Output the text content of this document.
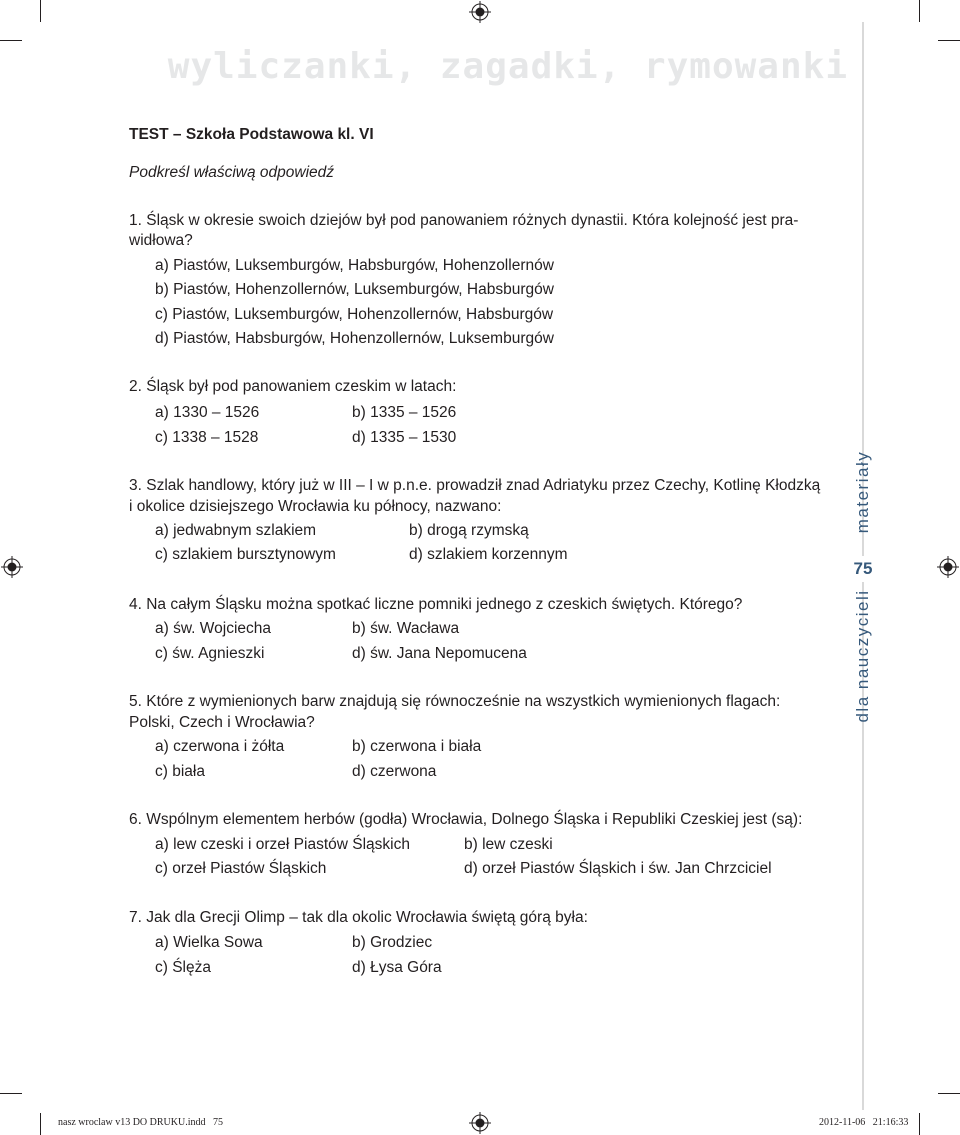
wyliczanki, zagadki, rymowanki
materiały
75
dla nauczycieli
TEST – Szkoła Podstawowa kl. VI
Podkreśl właściwą odpowiedź
1. Śląsk w okresie swoich dziejów był pod panowaniem różnych dynastii. Która kolejność jest pra-
widłowa?
a) Piastów, Luksemburgów, Habsburgów, Hohenzollernów
b) Piastów, Hohenzollernów, Luksemburgów, Habsburgów
c) Piastów, Luksemburgów, Hohenzollernów, Habsburgów
d) Piastów, Habsburgów, Hohenzollernów, Luksemburgów
2. Śląsk był pod panowaniem czeskim w latach:
a) 1330 – 1526	b) 1335 – 1526
c) 1338 – 1528	d) 1335 – 1530
3. Szlak handlowy, który już w III – I w p.n.e. prowadził znad Adriatyku przez Czechy, Kotlinę Kłodzką
i okolice dzisiejszego Wrocławia ku północy, nazwano:
a) jedwabnym szlakiem	b) drogą rzymską
c) szlakiem bursztynowym	d) szlakiem korzennym
4. Na całym Śląsku można spotkać liczne pomniki jednego z czeskich świętych. Którego?
a) św. Wojciecha	b) św. Wacława
c) św. Agnieszki	d) św. Jana Nepomucena
5. Które z wymienionych barw znajdują się równocześnie na wszystkich wymienionych flagach:
Polski, Czech i Wrocławia?
a) czerwona i żółta	b) czerwona i biała
c) biała	d) czerwona
6. Wspólnym elementem herbów (godła) Wrocławia, Dolnego Śląska i Republiki Czeskiej jest (są):
a) lew czeski i orzeł Piastów Śląskich	b) lew czeski
c) orzeł Piastów Śląskich	d) orzeł Piastów Śląskich i św. Jan Chrzciciel
7. Jak dla Grecji Olimp – tak dla okolic Wrocławia świętą górą była:
a) Wielka Sowa	b) Grodziec
c) Ślęża	d) Łysa Góra
nasz wroclaw v13 DO DRUKU.indd   75	2012-11-06   21:16:33
